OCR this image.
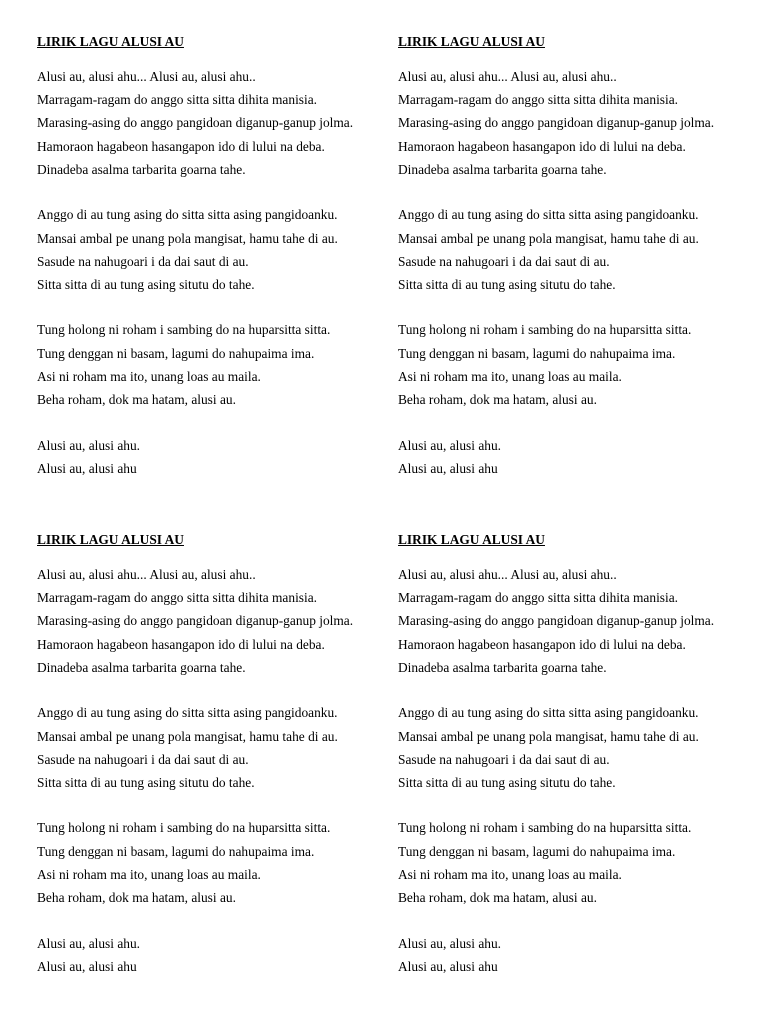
LIRIK LAGU ALUSI AU
Alusi au, alusi ahu... Alusi au, alusi ahu..
Marragam-ragam do anggo sitta sitta dihita manisia.
Marasing-asing do anggo pangidoan diganup-ganup jolma.
Hamoraon hagabeon hasangapon ido di lului na deba.
Dinadeba asalma tarbarita goarna tahe.
Anggo di au tung asing do sitta sitta asing pangidoanku.
Mansai ambal pe unang pola mangisat, hamu tahe di au.
Sasude na nahugoari i da dai saut di au.
Sitta sitta di au tung asing situtu do tahe.
Tung holong ni roham i sambing do na huparsitta sitta.
Tung denggan ni basam, lagumi do nahupaima ima.
Asi ni roham ma ito, unang loas au maila.
Beha roham, dok ma hatam, alusi au.
Alusi au, alusi ahu.
Alusi au, alusi ahu
LIRIK LAGU ALUSI AU
Alusi au, alusi ahu... Alusi au, alusi ahu..
Marragam-ragam do anggo sitta sitta dihita manisia.
Marasing-asing do anggo pangidoan diganup-ganup jolma.
Hamoraon hagabeon hasangapon ido di lului na deba.
Dinadeba asalma tarbarita goarna tahe.
Anggo di au tung asing do sitta sitta asing pangidoanku.
Mansai ambal pe unang pola mangisat, hamu tahe di au.
Sasude na nahugoari i da dai saut di au.
Sitta sitta di au tung asing situtu do tahe.
Tung holong ni roham i sambing do na huparsitta sitta.
Tung denggan ni basam, lagumi do nahupaima ima.
Asi ni roham ma ito, unang loas au maila.
Beha roham, dok ma hatam, alusi au.
Alusi au, alusi ahu.
Alusi au, alusi ahu
LIRIK LAGU ALUSI AU
Alusi au, alusi ahu... Alusi au, alusi ahu..
Marragam-ragam do anggo sitta sitta dihita manisia.
Marasing-asing do anggo pangidoan diganup-ganup jolma.
Hamoraon hagabeon hasangapon ido di lului na deba.
Dinadeba asalma tarbarita goarna tahe.
Anggo di au tung asing do sitta sitta asing pangidoanku.
Mansai ambal pe unang pola mangisat, hamu tahe di au.
Sasude na nahugoari i da dai saut di au.
Sitta sitta di au tung asing situtu do tahe.
Tung holong ni roham i sambing do na huparsitta sitta.
Tung denggan ni basam, lagumi do nahupaima ima.
Asi ni roham ma ito, unang loas au maila.
Beha roham, dok ma hatam, alusi au.
Alusi au, alusi ahu.
Alusi au, alusi ahu
LIRIK LAGU ALUSI AU
Alusi au, alusi ahu... Alusi au, alusi ahu..
Marragam-ragam do anggo sitta sitta dihita manisia.
Marasing-asing do anggo pangidoan diganup-ganup jolma.
Hamoraon hagabeon hasangapon ido di lului na deba.
Dinadeba asalma tarbarita goarna tahe.
Anggo di au tung asing do sitta sitta asing pangidoanku.
Mansai ambal pe unang pola mangisat, hamu tahe di au.
Sasude na nahugoari i da dai saut di au.
Sitta sitta di au tung asing situtu do tahe.
Tung holong ni roham i sambing do na huparsitta sitta.
Tung denggan ni basam, lagumi do nahupaima ima.
Asi ni roham ma ito, unang loas au maila.
Beha roham, dok ma hatam, alusi au.
Alusi au, alusi ahu.
Alusi au, alusi ahu
